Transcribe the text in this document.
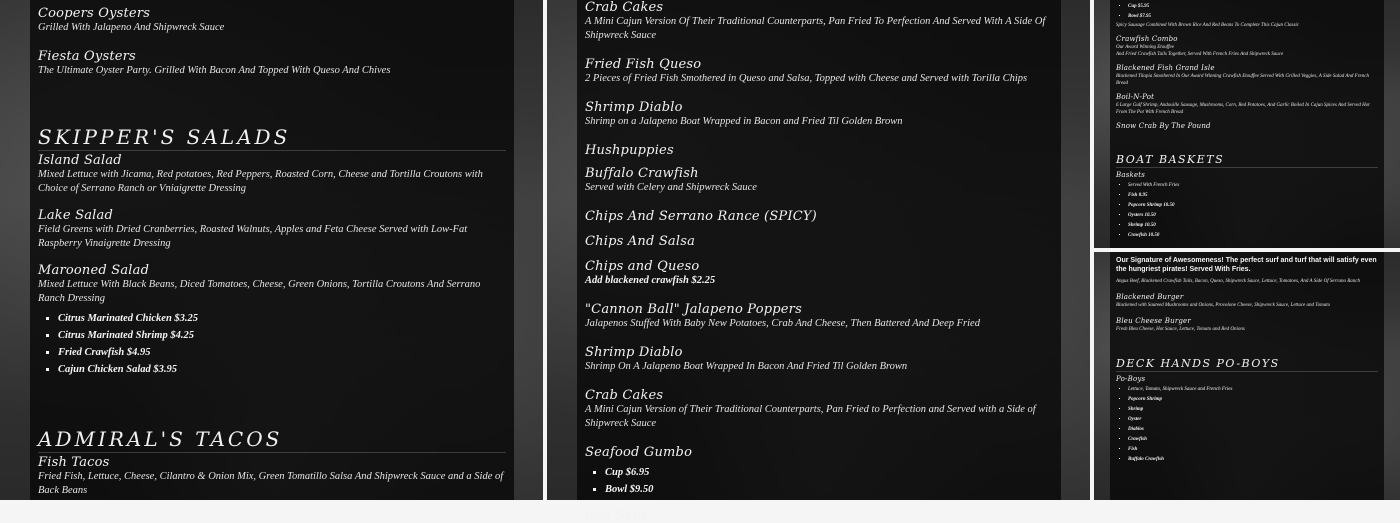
Coopers Oysters
Grilled With Jalapeno And Shipwreck Sauce
Fiesta Oysters
The Ultimate Oyster Party. Grilled With Bacon And Topped With Queso And Chives
SKIPPER'S SALADS
Island Salad
Mixed Lettuce with Jicama, Red potatoes, Red Peppers, Roasted Corn, Cheese and Tortilla Croutons with Choice of Serrano Ranch or Vniaigrette Dressing
Lake Salad
Field Greens with Dried Cranberries, Roasted Walnuts, Apples and Feta Cheese Served with Low-Fat Raspberry Vinaigrette Dressing
Marooned Salad
Mixed Lettuce With Black Beans, Diced Tomatoes, Cheese, Green Onions, Tortilla Croutons And Serrano Ranch Dressing
▪ Citrus Marinated Chicken $3.25
▪ Citrus Marinated Shrimp $4.25
▪ Fried Crawfish $4.95
▪ Cajun Chicken Salad $3.95
ADMIRAL'S TACOS
Fish Tacos
Fried Fish, Lettuce, Cheese, Cilantro & Onion Mix, Green Tomatillo Salsa And Shipwreck Sauce and a Side of Back Beans
Crab Cakes
A Mini Cajun Version Of Their Traditional Counterparts, Pan Fried To Perfection And Served With A Side Of Shipwreck Sauce
Fried Fish Queso
2 Pieces of Fried Fish Smothered in Queso and Salsa, Topped with Cheese and Served with Torilla Chips
Shrimp Diablo
Shrimp on a Jalapeno Boat Wrapped in Bacon and Fried Til Golden Brown
Hushpuppies
Buffalo Crawfish
Served with Celery and Shipwreck Sauce
Chips And Serrano Rance (SPICY)
Chips And Salsa
Chips and Queso
Add blackened crawfish $2.25
"Cannon Ball" Jalapeno Poppers
Jalapenos Stuffed With Baby New Potatoes, Crab And Cheese, Then Battered And Deep Fried
Shrimp Diablo
Shrimp On A Jalapeno Boat Wrapped In Bacon And Fried Til Golden Brown
Crab Cakes
A Mini Cajun Version of Their Traditional Counterparts, Pan Fried to Perfection and Served with a Side of Shipwreck Sauce
Seafood Gumbo
▪ Cup $6.95
▪ Bowl $9.50
Red Skin
▪ Cup $5.95
▪ Bowl $7.95
Spicy Sausage Combined With Brown Rice And Red Beans To Complete This Cajun Classic
Crawfish Combo
Our Award Winning Etouffee
And Fried Crawfish Tails Together, Served With French Fries And Shipwreck Sauce
Blackened Fish Grand Isle
Blackened Tilapia Smothered In Our Award Winning Crawfish Etouffee Served With Grilled Veggies, A Side Salad And French Bread
Boil-N-Pot
6 Large Gulf Shrimp, Andouille Sausage, Mushrooms, Corn, Red Potatoes, And Garlic Boiled In Cajun Spices And Served Hot From The Pot With French Bread
Snow Crab By The Pound
BOAT BASKETS
Baskets
▪ Served With French Fries
▪ Fish 8.95
▪ Popcorn Shrimp 10.50
▪ Oysters 10.50
▪ Shrimp 10.50
▪ Crawfish 10.50
Our Signature of Awesomeness! The perfect surf and turf that will satisfy even the hungriest pirates! Served With Fries.
Angus Beef, Blackened Crawfish Tails, Bacon, Queso, Shipwreck Sauce, Lettuce, Tomatoes, And A Side Of Serrano Ranch
Blackened Burger
Blackened with Sauteed Mushrooms and Onions, Provolone Cheese, Shipwreck Sauce, Lettuce and Tomato
Bleu Cheese Burger
Fresh Bleu Cheese, Hot Sauce, Lettuce, Tomato and Red Onions
DECK HANDS PO-BOYS
Po-Boys
▪ Lettuce, Tomato, Shipwreck Sauce and French Fries
▪ Popcorn Shrimp
▪ Shrimp
▪ Oyster
▪ Diablos
▪ Crawfish
▪ Fish
▪ Buffalo Crawfish
